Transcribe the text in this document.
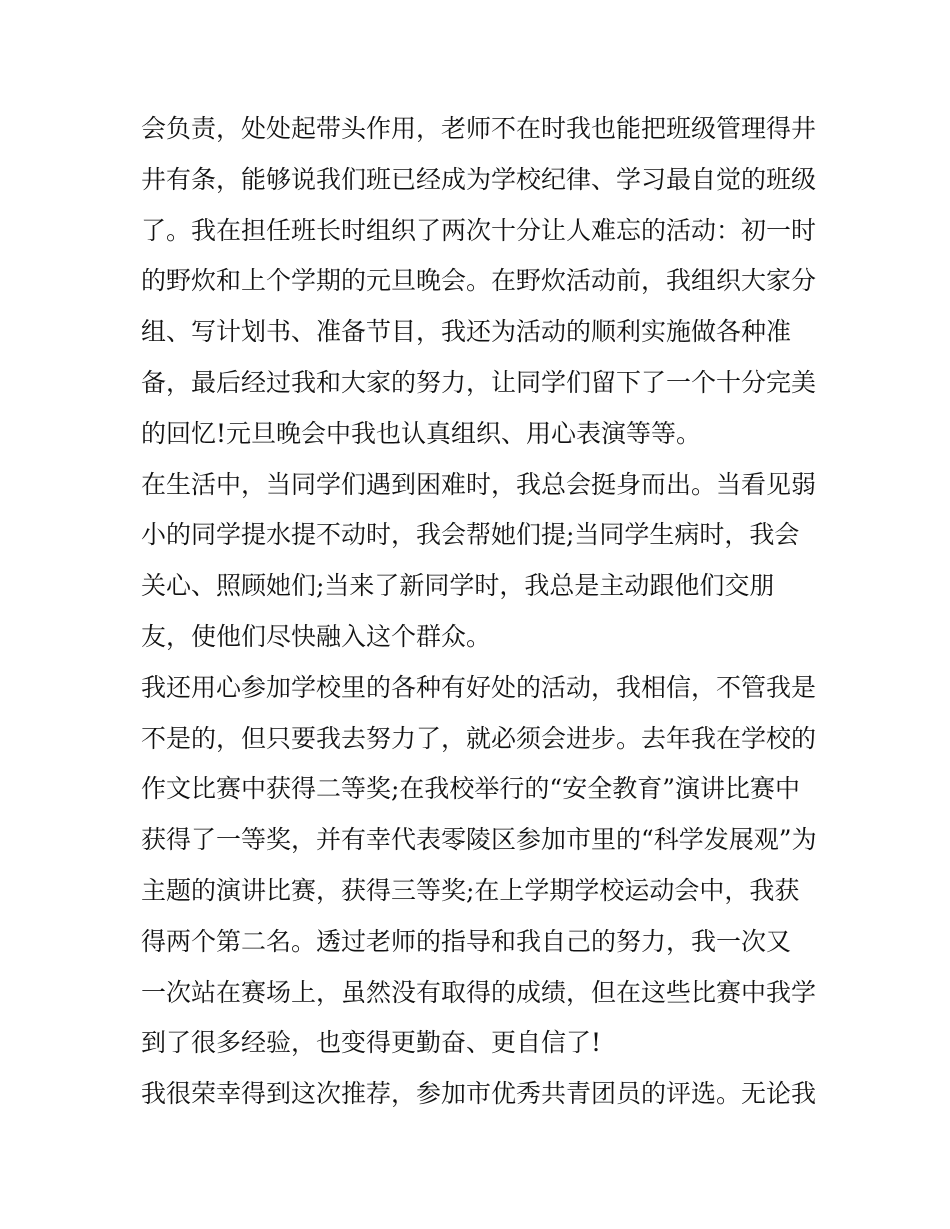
会负责，处处起带头作用，老师不在时我也能把班级管理得井
井有条，能够说我们班已经成为学校纪律、学习最自觉的班级
了。我在担任班长时组织了两次十分让人难忘的活动：初一时
的野炊和上个学期的元旦晚会。在野炊活动前，我组织大家分
组、写计划书、准备节目，我还为活动的顺利实施做各种准
备，最后经过我和大家的努力，让同学们留下了一个十分完美
的回忆!元旦晚会中我也认真组织、用心表演等等。
在生活中，当同学们遇到困难时，我总会挺身而出。当看见弱
小的同学提水提不动时，我会帮她们提;当同学生病时，我会
关心、照顾她们;当来了新同学时，我总是主动跟他们交朋
友，使他们尽快融入这个群众。
我还用心参加学校里的各种有好处的活动，我相信，不管我是
不是的，但只要我去努力了，就必须会进步。去年我在学校的
作文比赛中获得二等奖;在我校举行的“安全教育”演讲比赛中
获得了一等奖，并有幸代表零陵区参加市里的“科学发展观”为
主题的演讲比赛，获得三等奖;在上学期学校运动会中，我获
得两个第二名。透过老师的指导和我自己的努力，我一次又
一次站在赛场上，虽然没有取得的成绩，但在这些比赛中我学
到了很多经验，也变得更勤奋、更自信了!
我很荣幸得到这次推荐，参加市优秀共青团员的评选。无论我
